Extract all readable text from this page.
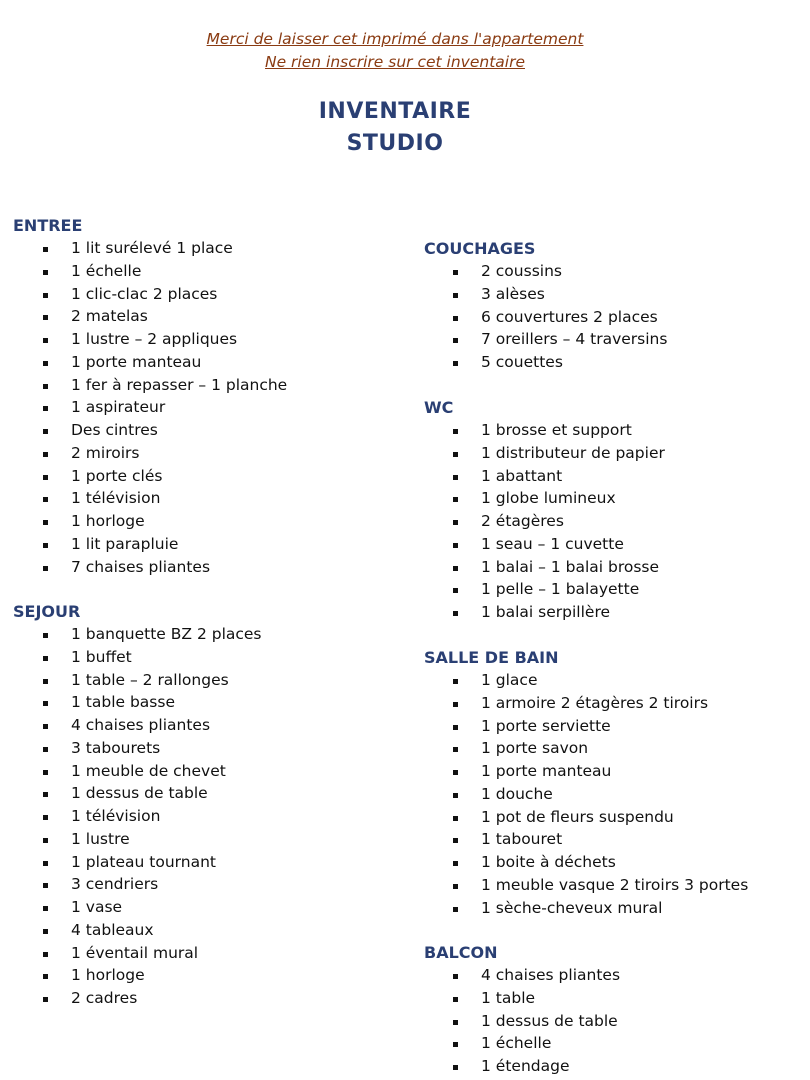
Merci de laisser cet imprimé dans l'appartement
Ne rien inscrire sur cet inventaire
INVENTAIRE
STUDIO
ENTREE
1 lit surélevé 1 place
1 échelle
1 clic-clac 2 places
2 matelas
1 lustre – 2 appliques
1 porte manteau
1 fer à repasser – 1 planche
1 aspirateur
Des cintres
2 miroirs
1 porte clés
1 télévision
1 horloge
1 lit parapluie
7 chaises pliantes
SEJOUR
1 banquette BZ 2 places
1 buffet
1 table – 2 rallonges
1 table basse
4 chaises pliantes
3 tabourets
1 meuble de chevet
1 dessus de table
1 télévision
1 lustre
1 plateau tournant
3 cendriers
1 vase
4 tableaux
1 éventail mural
1 horloge
2 cadres
COUCHAGES
2 coussins
3 alèses
6 couvertures 2 places
7 oreillers – 4 traversins
5 couettes
WC
1 brosse et support
1 distributeur de papier
1 abattant
1 globe lumineux
2 étagères
1 seau – 1 cuvette
1 balai – 1 balai brosse
1 pelle – 1 balayette
1 balai serpillère
SALLE DE BAIN
1 glace
1 armoire 2 étagères 2 tiroirs
1 porte serviette
1 porte savon
1 porte manteau
1 douche
1 pot de fleurs suspendu
1 tabouret
1 boite à déchets
1 meuble vasque 2 tiroirs 3 portes
1 sèche-cheveux mural
BALCON
4 chaises pliantes
1 table
1 dessus de table
1 échelle
1 étendage
